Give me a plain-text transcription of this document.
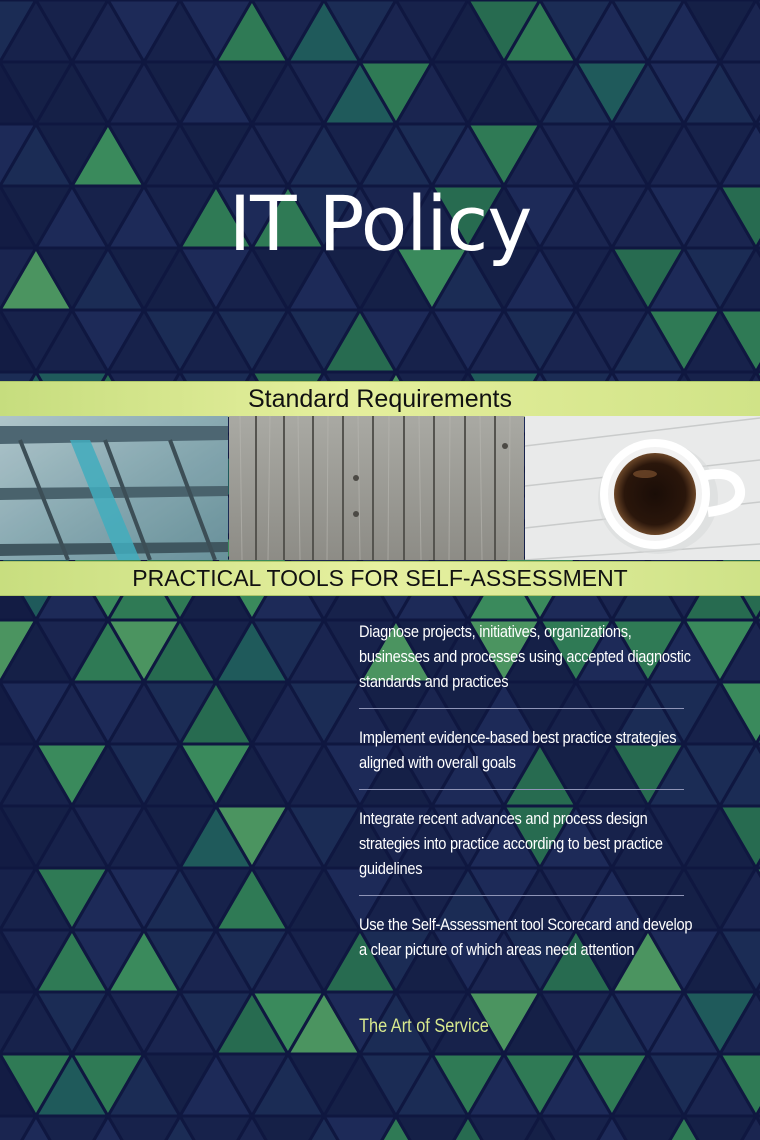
IT Policy
Standard Requirements
PRACTICAL TOOLS FOR SELF-ASSESSMENT
Diagnose projects, initiatives, organizations, businesses and processes using accepted diagnostic standards and practices
Implement evidence-based best practice strategies aligned with overall goals
Integrate recent advances and process design strategies into practice according to best practice guidelines
Use the Self-Assessment tool Scorecard and develop a clear picture of which areas need attention
The Art of Service
